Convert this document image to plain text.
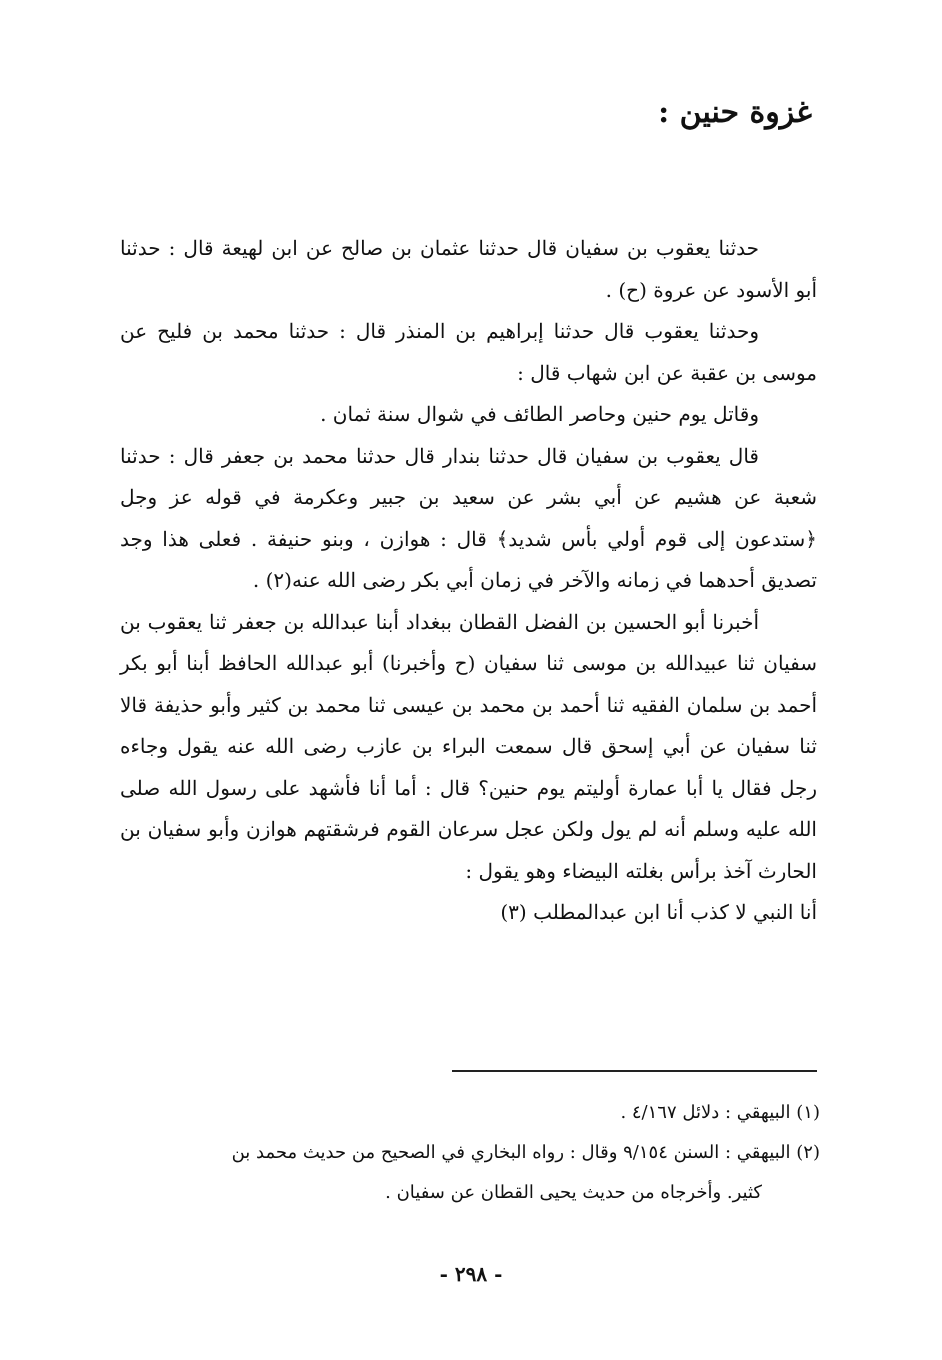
غزوة حنين :

حدثنا يعقوب بن سفيان قال حدثنا عثمان بن صالح عن ابن لهيعة قال : حدثنا أبو الأسود عن عروة (ح) .

وحدثنا يعقوب قال حدثنا إبراهيم بن المنذر قال : حدثنا محمد بن فليح عن موسى بن عقبة عن ابن شهاب قال :

وقاتل يوم حنين وحاصر الطائف في شوال سنة ثمان .

قال يعقوب بن سفيان قال حدثنا بندار قال حدثنا محمد بن جعفر قال : حدثنا شعبة عن هشيم عن أبي بشر عن سعيد بن جبير وعكرمة في قوله عز وجل ﴿ستدعون إلى قوم أولي بأس شديد﴾ قال : هوازن ، وبنو حنيفة . فعلى هذا وجد تصديق أحدهما في زمانه والآخر في زمان أبي بكر رضى الله عنه(٢) .

أخبرنا أبو الحسين بن الفضل القطان ببغداد أبنا عبدالله بن جعفر ثنا يعقوب بن سفيان ثنا عبيدالله بن موسى ثنا سفيان (ح وأخبرنا) أبو عبدالله الحافظ أبنا أبو بكر أحمد بن سلمان الفقيه ثنا أحمد بن محمد بن عيسى ثنا محمد بن كثير وأبو حذيفة قالا ثنا سفيان عن أبي إسحق قال سمعت البراء بن عازب رضى الله عنه يقول وجاءه رجل فقال يا أبا عمارة أوليتم يوم حنين؟ قال : أما أنا فأشهد على رسول الله صلى الله عليه وسلم أنه لم يول ولكن عجل سرعان القوم فرشقتهم هوازن وأبو سفيان بن الحارث آخذ برأس بغلته البيضاء وهو يقول :

أنا النبي لا كذب أنا ابن عبدالمطلب (٣)

(١) البيهقي : دلائل ٤/١٦٧ .

(٢) البيهقي : السنن ٩/١٥٤ وقال : رواه البخاري في الصحيح من حديث محمد بن

كثير. وأخرجاه من حديث يحيى القطان عن سفيان .

- ٢٩٨ -
